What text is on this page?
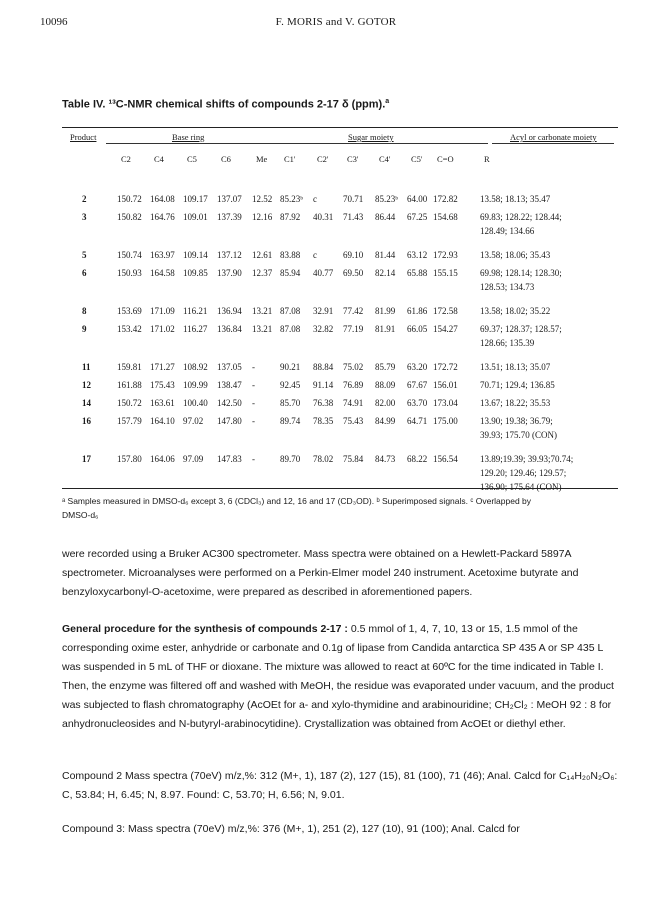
10096	F. MORIS and V. GOTOR
Table IV. ¹³C-NMR chemical shifts of compounds 2-17 δ (ppm).$^a$
Product	Base ring	Sugar moiety	Acyl or carbonate moiety
C2	C4	C5	C6	Me C1'	C2' C3' C4' C5' C=O	R
2	150.72 164.08 109.17 137.07 12.52 85.23ᵇ c	70.71 85.23ᵇ 64.00 172.82 13.58; 18.13; 35.47
3	150.82 164.76 109.01 137.39 12.16 87.92 40.31 71.43 86.44 67.25 154.68 69.83; 128.22; 128.44;
128.49; 134.66
5	150.74 163.97 109.14 137.12 12.61 83.88 c	69.10 81.44 63.12 172.93 13.58; 18.06; 35.43
6	150.93 164.58 109.85 137.90 12.37 85.94 40.77 69.50 82.14 65.88 155.15 69.98; 128.14; 128.30;
128.53; 134.73
8	153.69 171.09 116.21 136.94 13.21 87.08 32.91 77.42 81.99 61.86 172.58 13.58; 18.02; 35.22
9	153.42 171.02 116.27 136.84 13.21 87.08 32.82 77.19 81.91 66.05 154.27 69.37; 128.37; 128.57;
128.66; 135.39
11	159.81 171.27 108.92 137.05 -	90.21 88.84 75.02 85.79 63.20 172.72 13.51; 18.13; 35.07
12	161.88 175.43 109.99 138.47 -	92.45 91.14 76.89 88.09 67.67 156.01 70.71; 129.4; 136.85
14	150.72 163.61 100.40 142.50 -	85.70 76.38 74.91 82.00 63.70 173.04 13.67; 18.22; 35.53
16	157.79 164.10 97.02 147.80 -	89.74 78.35 75.43 84.99 64.71 175.00 13.90; 19.38; 36.79;
39.93; 175.70 (CON)
17	157.80 164.06 97.09 147.83 -	89.70 78.02 75.84 84.73 68.22 156.54 13.89;19.39; 39.93;70.74;
129.20; 129.46; 129.57;
136.90; 175.64 (CON)
ᵃ Samples measured in DMSO-d₆ except 3, 6 (CDCl₃) and 12, 16 and 17 (CD₃OD). ᵇ Superimposed signals. ᶜ Overlapped by
DMSO-d₆
were recorded using a Bruker AC300 spectrometer. Mass spectra were obtained on a Hewlett-Packard 5897A spectrometer. Microanalyses were performed on a Perkin-Elmer model 240 instrument. Acetoxime butyrate and benzyloxycarbonyl-O-acetoxime, were prepared as described in aforementioned papers.
General procedure for the synthesis of compounds 2-17 : 0.5 mmol of 1, 4, 7, 10, 13 or 15, 1.5 mmol of the corresponding oxime ester, anhydride or carbonate and 0.1g of lipase from Candida antarctica SP 435 A or SP 435 L was suspended in 5 mL of THF or dioxane. The mixture was allowed to react at 60ºC for the time indicated in Table I. Then, the enzyme was filtered off and washed with MeOH, the residue was evaporated under vacuum, and the product was subjected to flash chromatography (AcOEt for a- and xylo-thymidine and arabinouridine; CH₂Cl₂ : MeOH 92 : 8 for anhydronucleosides and N-butyryl-arabinocytidine). Crystallization was obtained from AcOEt or diethyl ether.
Compound 2 Mass spectra (70eV) m/z,%: 312 (M+, 1), 187 (2), 127 (15), 81 (100), 71 (46); Anal. Calcd for C₁₄H₂₀N₂O₆: C, 53.84; H, 6.45; N, 8.97. Found: C, 53.70; H, 6.56; N, 9.01.
Compound 3: Mass spectra (70eV) m/z,%: 376 (M+, 1), 251 (2), 127 (10), 91 (100); Anal. Calcd for
